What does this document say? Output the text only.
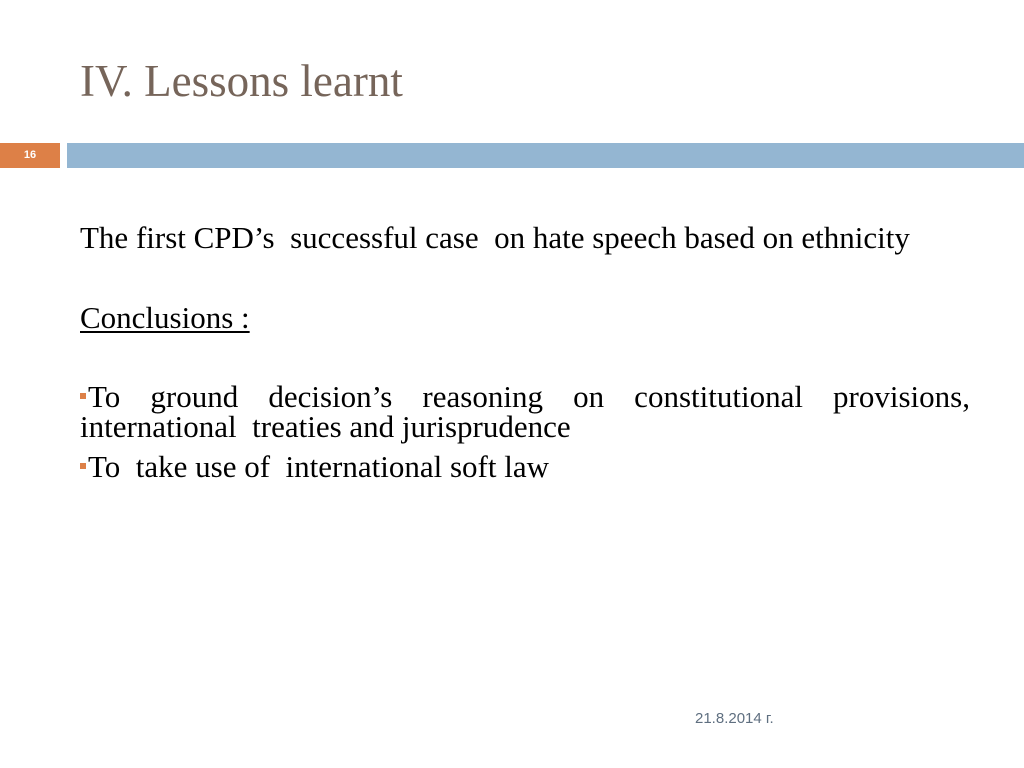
IV. Lessons learnt
16

The first CPD’s  successful case  on hate speech based on ethnicity

Conclusions :

To ground decision’s reasoning on constitutional provisions, international  treaties and jurisprudence
To  take use of  international soft law
21.8.2014 г.
